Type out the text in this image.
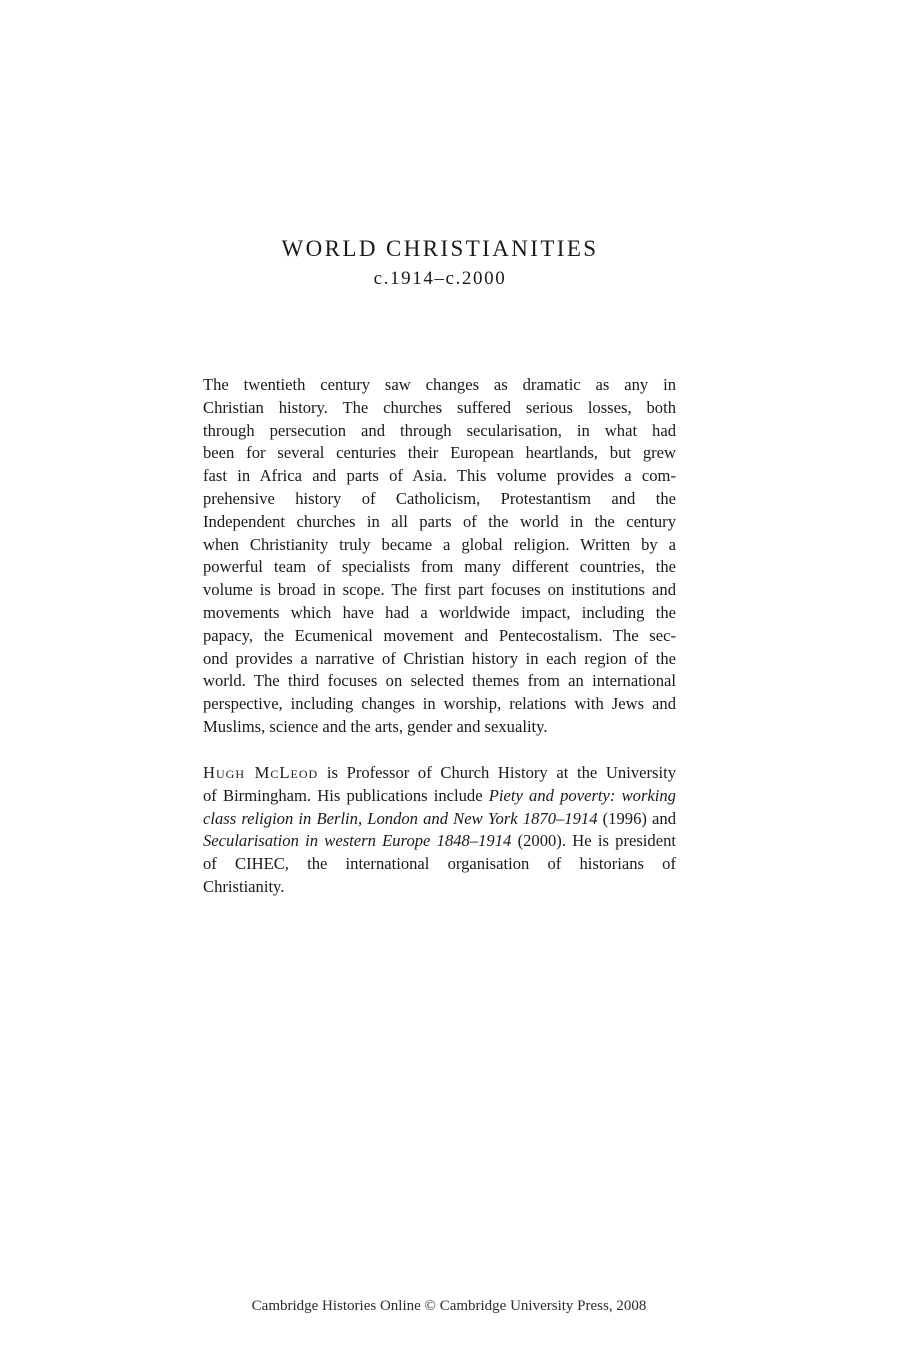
WORLD CHRISTIANITIES
c.1914–c.2000

The twentieth century saw changes as dramatic as any in
Christian history. The churches suffered serious losses, both
through persecution and through secularisation, in what had
been for several centuries their European heartlands, but grew
fast in Africa and parts of Asia. This volume provides a com-
prehensive history of Catholicism, Protestantism and the
Independent churches in all parts of the world in the century
when Christianity truly became a global religion. Written by a
powerful team of specialists from many different countries, the
volume is broad in scope. The first part focuses on institutions and
movements which have had a worldwide impact, including the
papacy, the Ecumenical movement and Pentecostalism. The sec-
ond provides a narrative of Christian history in each region of the
world. The third focuses on selected themes from an international
perspective, including changes in worship, relations with Jews and
Muslims, science and the arts, gender and sexuality.

Hugh McLeod is Professor of Church History at the University
of Birmingham. His publications include Piety and poverty: working
class religion in Berlin, London and New York 1870–1914 (1996) and
Secularisation in western Europe 1848–1914 (2000). He is president
of CIHEC, the international organisation of historians of
Christianity.

Cambridge Histories Online © Cambridge University Press, 2008
